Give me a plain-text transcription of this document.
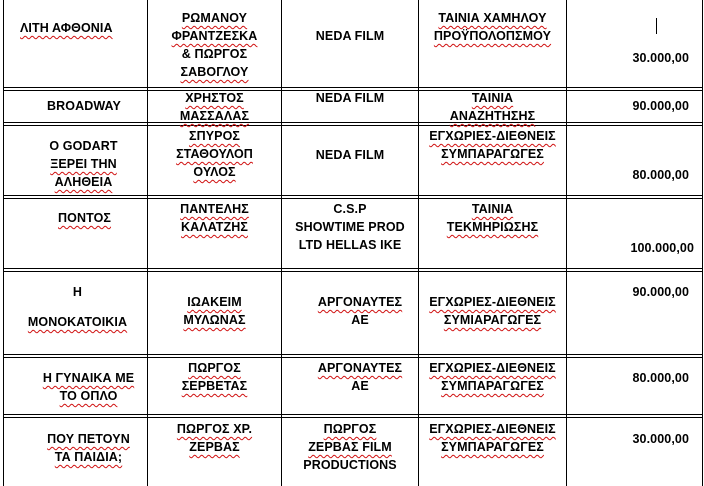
ΛΙΤΗ ΑΦΘΟΝΙΑ
ΡΩΜΑΝΟΥ
ΦΡΑΝΤΖΕΣΚΑ
& ΠΩΡΓΟΣ
ΣΑΒΟΓΛΟΥ
NEDA FILM
ΤΑΙΝΙΑ ΧΑΜΗΛΟΥ
ΠΡΟΫΠΟΛΟΠΣΜΟΥ
30.000,00
BROADWAY
ΧΡΗΣΤΟΣ
ΜΑΣΣΑΛΑΣ
NEDA FILM	ΤΑΙΝΙΑ
ΑΝΑΖΗΤΗΣΗΣ
90.000,00
Ο GODART
ΞΕΡΕΙ ΤΗΝ
ΑΛΗΘΕΙΑ
ΣΠΥΡΟΣ
ΣΤΑΘΟΥΛΟΠ
ΟΥΛΟΣ
NEDA FILM
ΕΓΧΩΡΙΕΣ-ΔΙΕΘΝΕΙΣ
ΣΥΜΠΑΡΑΓΩΓΕΣ
80.000,00
ΠΟΝΤΟΣ
ΠΑΝΤΕΛΗΣ
ΚΑΛΑΤΖΗΣ
C.S.P
SHOWTIME PROD
LTD HELLAS IKE
ΤΑΙΝΙΑ
ΤΕΚΜΗΡΙΩΣΗΣ
100.000,00
Η
ΜΟΝΟΚΑΤΟΙΚΙΑ
ΙΩΑΚΕΙΜ
ΜΥΛΩΝΑΣ
ΑΡΓΟΝΑΥΤΕΣ
ΑΕ
ΕΓΧΩΡΙΕΣ-ΔΙΕΘΝΕΙΣ
ΣΥΜΙΑΡΑΓΩΓΕΣ
90.000,00
Η ΓΥΝΑΙΚΑ ΜΕ
ΤΟ ΟΠΛΟ
ΠΩΡΓΟΣ
ΣΕΡΒΕΤΑΣ
ΑΡΓΟΝΑΥΤΕΣ
ΑΕ
ΕΓΧΩΡΙΕΣ-ΔΙΕΘΝΕΙΣ
ΣΥΜΠΑΡΑΓΩΓΕΣ
80.000,00
ΠΟΥ ΠΕΤΟΥΝ
ΤΑ ΠΑΙΔΙΑ;
ΠΩΡΓΟΣ ΧΡ.
ΖΕΡΒΑΣ
ΠΩΡΓΟΣ
ΖΕΡΒΑΣ FILM
PRODUCTIONS
ΕΓΧΩΡΙΕΣ-ΔΙΕΘΝΕΙΣ
ΣΥΜΠΑΡΑΓΩΓΕΣ
30.000,00
